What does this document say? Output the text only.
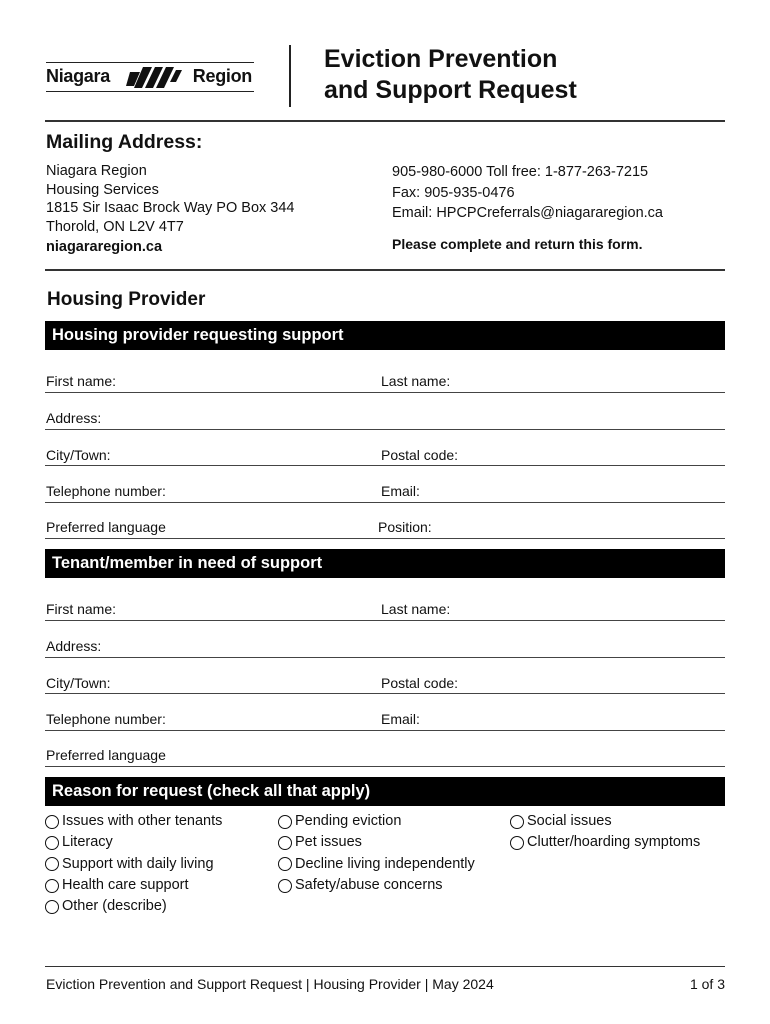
Niagara	Region
Eviction Prevention
and Support Request
Mailing Address:
Niagara Region
Housing Services
1815 Sir Isaac Brock Way PO Box 344
Thorold, ON L2V 4T7
niagararegion.ca
905-980-6000 Toll free: 1-877-263-7215
Fax: 905-935-0476
Email: HPCPCreferrals@niagararegion.ca
Please complete and return this form.
Housing Provider
Housing provider requesting support
First name:	Last name:
Address:
City/Town:	Postal code:
Telephone number:	Email:
Preferred language	Position:
Tenant/member in need of support
First name:	Last name:
Address:
City/Town:	Postal code:
Telephone number:	Email:
Preferred language
Reason for request (check all that apply)
Issues with other tenants
Literacy
Support with daily living
Health care support
Other (describe)
Pending eviction
Pet issues
Decline living independently
Safety/abuse concerns
Social issues
Clutter/hoarding symptoms
Eviction Prevention and Support Request | Housing Provider | May 2024	1 of 3
